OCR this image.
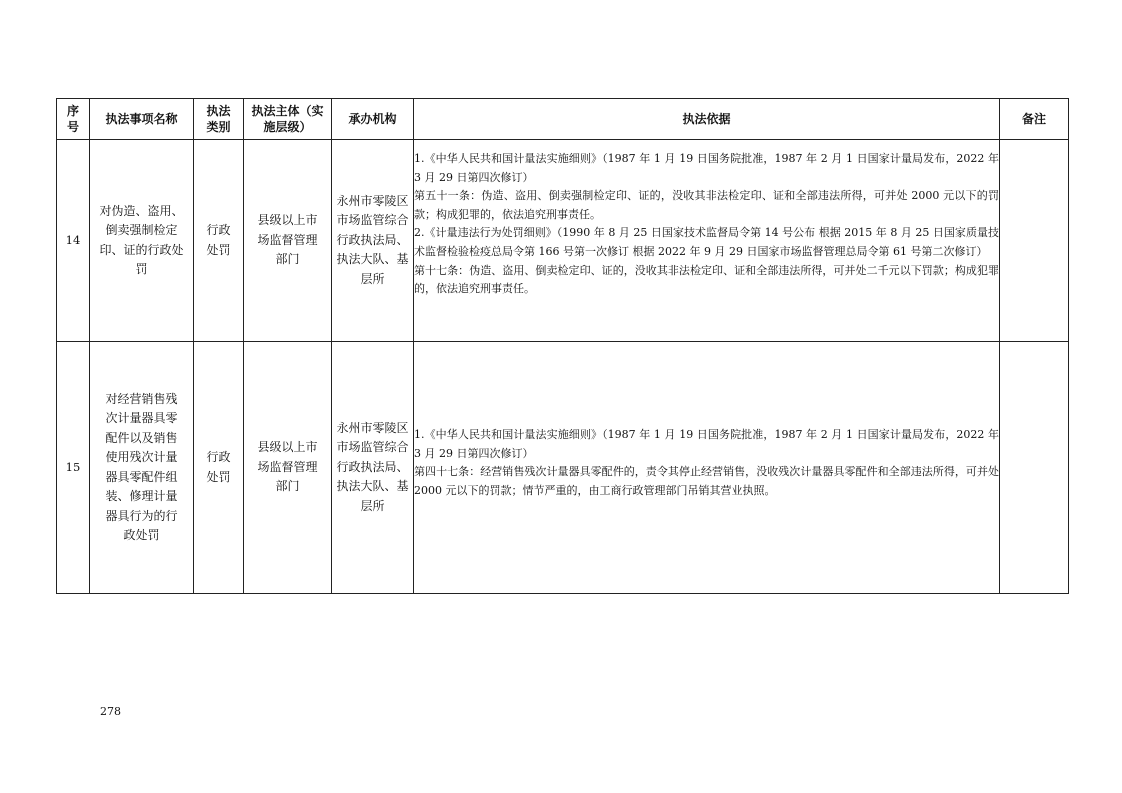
序号	执法事项名称	执法类别	执法主体（实施层级）	承办机构	执法依据	备注
14	对伪造、盗用、倒卖强制检定印、证的行政处罚	行政处罚	县级以上市场监督管理部门	永州市零陵区市场监管综合行政执法局、执法大队、基层所	1.《中华人民共和国计量法实施细则》（1987 年 1 月 19 日国务院批准，1987 年 2 月 1 日国家计量局发布，2022 年 3 月 29 日第四次修订）

第五十一条：伪造、盗用、倒卖强制检定印、证的，没收其非法检定印、证和全部违法所得，可并处 2000 元以下的罚款；构成犯罪的，依法追究刑事责任。

2.《计量违法行为处罚细则》（1990 年 8 月 25 日国家技术监督局令第 14 号公布 根据 2015 年 8 月 25 日国家质量技术监督检验检疫总局令第 166 号第一次修订 根据 2022 年 9 月 29 日国家市场监督管理总局令第 61 号第二次修订）

第十七条：伪造、盗用、倒卖检定印、证的，没收其非法检定印、证和全部违法所得，可并处二千元以下罚款；构成犯罪的，依法追究刑事责任。	

15	对经营销售残次计量器具零配件以及销售使用残次计量器具零配件组装、修理计量器具行为的行政处罚	行政处罚	县级以上市场监督管理部门	永州市零陵区市场监管综合行政执法局、执法大队、基层所	1.《中华人民共和国计量法实施细则》（1987 年 1 月 19 日国务院批准，1987 年 2 月 1 日国家计量局发布，2022 年 3 月 29 日第四次修订）

第四十七条：经营销售残次计量器具零配件的，责令其停止经营销售，没收残次计量器具零配件和全部违法所得，可并处 2000 元以下的罚款；情节严重的，由工商行政管理部门吊销其营业执照。	

278
